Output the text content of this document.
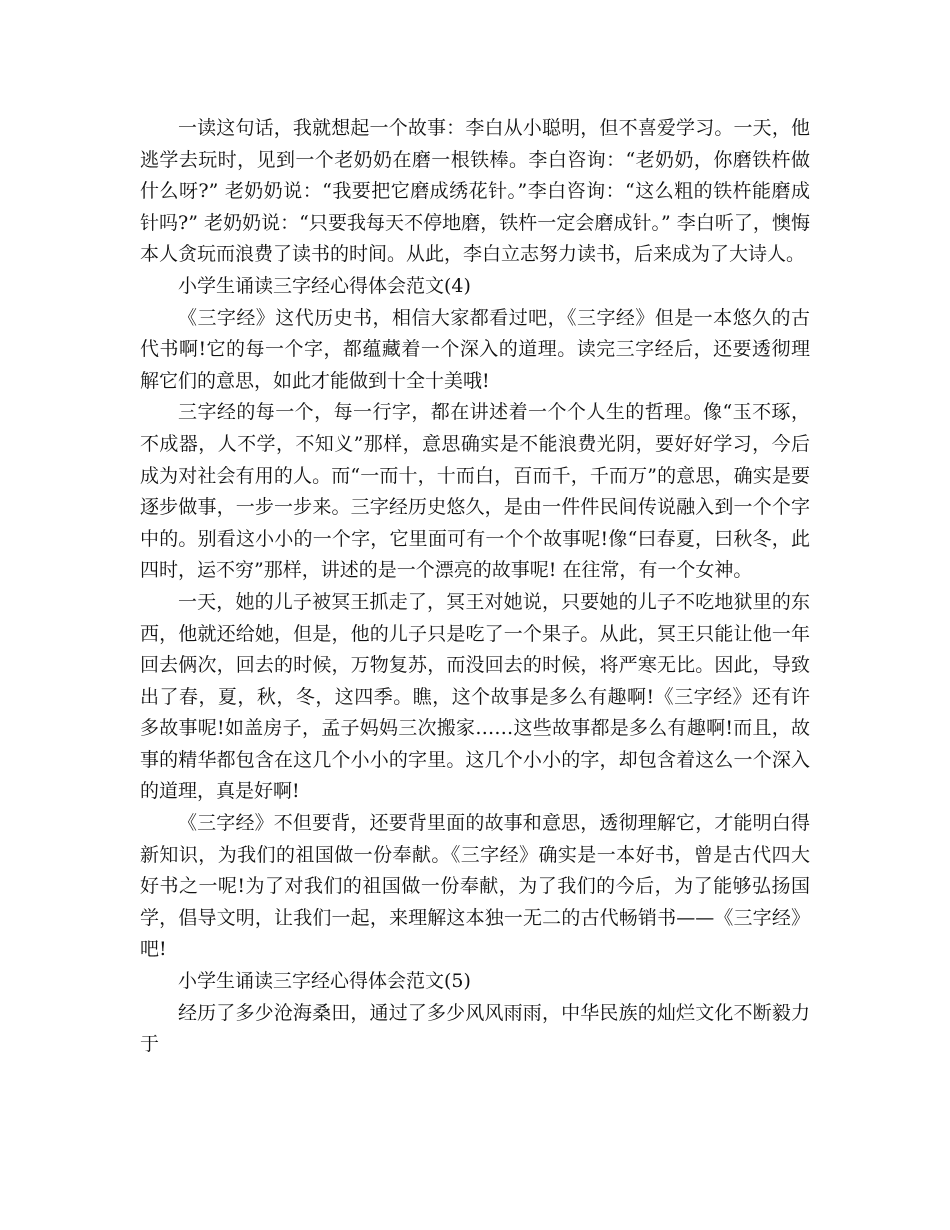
一读这句话，我就想起一个故事：李白从小聪明，但不喜爱学习。一天，他逃学去玩时，见到一个老奶奶在磨一根铁棒。李白咨询：“老奶奶，你磨铁杵做什么呀?” 老奶奶说：“我要把它磨成绣花针。”李白咨询：“这么粗的铁杵能磨成针吗?” 老奶奶说：“只要我每天不停地磨，铁杵一定会磨成针。” 李白听了，懊悔本人贪玩而浪费了读书的时间。从此，李白立志努力读书，后来成为了大诗人。

小学生诵读三字经心得体会范文(4)

《三字经》这代历史书，相信大家都看过吧，《三字经》但是一本悠久的古代书啊!它的每一个字，都蕴藏着一个深入的道理。读完三字经后，还要透彻理解它们的意思，如此才能做到十全十美哦!

三字经的每一个，每一行字，都在讲述着一个个人生的哲理。像“玉不琢，不成器，人不学，不知义”那样，意思确实是不能浪费光阴，要好好学习，今后成为对社会有用的人。而“一而十，十而白，百而千，千而万”的意思，确实是要逐步做事，一步一步来。三字经历史悠久，是由一件件民间传说融入到一个个字中的。别看这小小的一个字，它里面可有一个个故事呢!像“曰春夏，曰秋冬，此四时，运不穷”那样，讲述的是一个漂亮的故事呢! 在往常，有一个女神。

一天，她的儿子被冥王抓走了，冥王对她说，只要她的儿子不吃地狱里的东西，他就还给她，但是，他的儿子只是吃了一个果子。从此，冥王只能让他一年回去俩次，回去的时候，万物复苏，而没回去的时候，将严寒无比。因此，导致出了春，夏，秋，冬，这四季。瞧，这个故事是多么有趣啊!《三字经》还有许多故事呢!如盖房子，孟子妈妈三次搬家……这些故事都是多么有趣啊!而且，故事的精华都包含在这几个小小的字里。这几个小小的字，却包含着这么一个深入的道理，真是好啊!

《三字经》不但要背，还要背里面的故事和意思，透彻理解它，才能明白得新知识，为我们的祖国做一份奉献。《三字经》确实是一本好书，曾是古代四大好书之一呢!为了对我们的祖国做一份奉献，为了我们的今后，为了能够弘扬国学，倡导文明，让我们一起，来理解这本独一无二的古代畅销书——《三字经》吧!

小学生诵读三字经心得体会范文(5)

经历了多少沧海桑田，通过了多少风风雨雨，中华民族的灿烂文化不断毅力于
